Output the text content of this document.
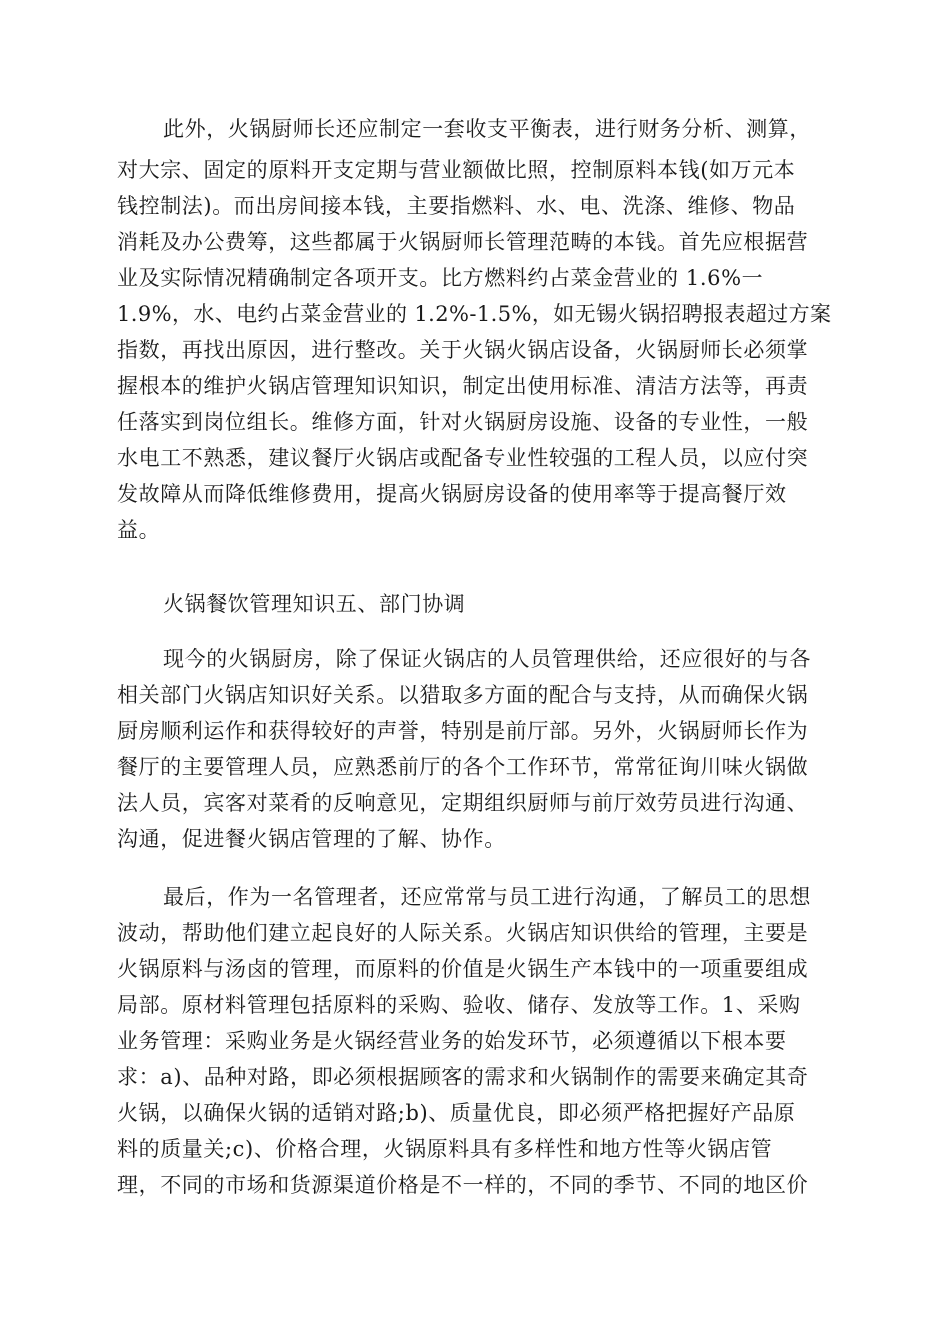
此外，火锅厨师长还应制定一套收支平衡表，进行财务分析、测算，
对大宗、固定的原料开支定期与营业额做比照，控制原料本钱(如万元本
钱控制法)。而出房间接本钱，主要指燃料、水、电、洗涤、维修、物品
消耗及办公费筹，这些都属于火锅厨师长管理范畴的本钱。首先应根据营
业及实际情况精确制定各项开支。比方燃料约占菜金营业的 1.6%一
1.9%，水、电约占菜金营业的 1.2%-1.5%，如无锡火锅招聘报表超过方案
指数，再找出原因，进行整改。关于火锅火锅店设备，火锅厨师长必须掌
握根本的维护火锅店管理知识知识，制定出使用标准、清洁方法等，再责
任落实到岗位组长。维修方面，针对火锅厨房设施、设备的专业性，一般
水电工不熟悉，建议餐厅火锅店或配备专业性较强的工程人员，以应付突
发故障从而降低维修费用，提高火锅厨房设备的使用率等于提高餐厅效
益。
火锅餐饮管理知识五、部门协调
现今的火锅厨房，除了保证火锅店的人员管理供给，还应很好的与各
相关部门火锅店知识好关系。以猎取多方面的配合与支持，从而确保火锅
厨房顺利运作和获得较好的声誉，特别是前厅部。另外，火锅厨师长作为
餐厅的主要管理人员，应熟悉前厅的各个工作环节，常常征询川味火锅做
法人员，宾客对菜肴的反响意见，定期组织厨师与前厅效劳员进行沟通、
沟通，促进餐火锅店管理的了解、协作。
最后，作为一名管理者，还应常常与员工进行沟通，了解员工的思想
波动，帮助他们建立起良好的人际关系。火锅店知识供给的管理，主要是
火锅原料与汤卤的管理，而原料的价值是火锅生产本钱中的一项重要组成
局部。原材料管理包括原料的采购、验收、储存、发放等工作。1、采购
业务管理：采购业务是火锅经营业务的始发环节，必须遵循以下根本要
求：a)、品种对路，即必须根据顾客的需求和火锅制作的需要来确定其奇
火锅，以确保火锅的适销对路;b)、质量优良，即必须严格把握好产品原
料的质量关;c)、价格合理，火锅原料具有多样性和地方性等火锅店管
理，不同的市场和货源渠道价格是不一样的，不同的季节、不同的地区价
